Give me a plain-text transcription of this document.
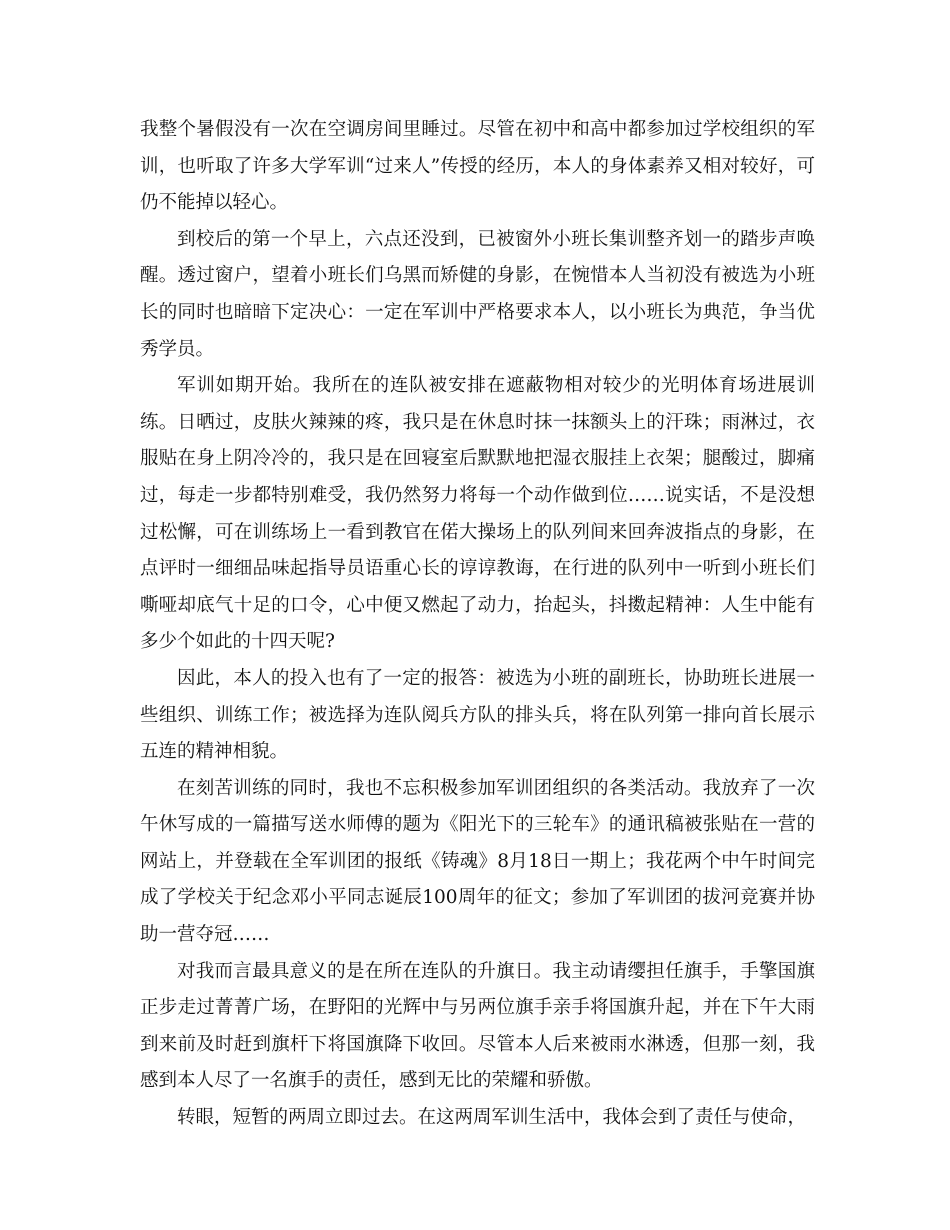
我整个暑假没有一次在空调房间里睡过。尽管在初中和高中都参加过学校组织的军训，也听取了许多大学军训“过来人”传授的经历，本人的身体素养又相对较好，可仍不能掉以轻心。

到校后的第一个早上，六点还没到，已被窗外小班长集训整齐划一的踏步声唤醒。透过窗户，望着小班长们乌黑而矫健的身影，在惋惜本人当初没有被选为小班长的同时也暗暗下定决心：一定在军训中严格要求本人，以小班长为典范，争当优秀学员。

军训如期开始。我所在的连队被安排在遮蔽物相对较少的光明体育场进展训练。日晒过，皮肤火辣辣的疼，我只是在休息时抹一抹额头上的汗珠；雨淋过，衣服贴在身上阴冷冷的，我只是在回寝室后默默地把湿衣服挂上衣架；腿酸过，脚痛过，每走一步都特别难受，我仍然努力将每一个动作做到位……说实话，不是没想过松懈，可在训练场上一看到教官在偌大操场上的队列间来回奔波指点的身影，在点评时一细细品味起指导员语重心长的谆谆教诲，在行进的队列中一听到小班长们嘶哑却底气十足的口令，心中便又燃起了动力，抬起头，抖擞起精神：人生中能有多少个如此的十四天呢?

因此，本人的投入也有了一定的报答：被选为小班的副班长，协助班长进展一些组织、训练工作；被选择为连队阅兵方队的排头兵，将在队列第一排向首长展示五连的精神相貌。

在刻苦训练的同时，我也不忘积极参加军训团组织的各类活动。我放弃了一次午休写成的一篇描写送水师傅的题为《阳光下的三轮车》的通讯稿被张贴在一营的网站上，并登载在全军训团的报纸《铸魂》8月18日一期上；我花两个中午时间完成了学校关于纪念邓小平同志诞辰100周年的征文；参加了军训团的拔河竞赛并协助一营夺冠……

对我而言最具意义的是在所在连队的升旗日。我主动请缨担任旗手，手擎国旗正步走过菁菁广场，在野阳的光辉中与另两位旗手亲手将国旗升起，并在下午大雨到来前及时赶到旗杆下将国旗降下收回。尽管本人后来被雨水淋透，但那一刻，我感到本人尽了一名旗手的责任，感到无比的荣耀和骄傲。

转眼，短暂的两周立即过去。在这两周军训生活中，我体会到了责任与使命，
